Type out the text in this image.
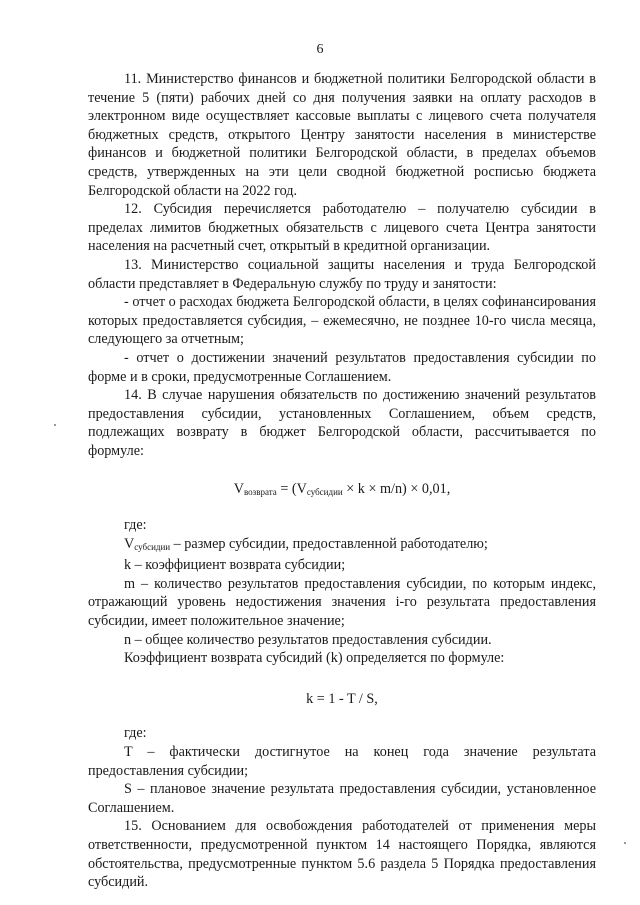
6

11. Министерство финансов и бюджетной политики Белгородской области в течение 5 (пяти) рабочих дней со дня получения заявки на оплату расходов в электронном виде осуществляет кассовые выплаты с лицевого счета получателя бюджетных средств, открытого Центру занятости населения в министерстве финансов и бюджетной политики Белгородской области, в пределах объемов средств, утвержденных на эти цели сводной бюджетной росписью бюджета Белгородской области на 2022 год.

12. Субсидия перечисляется работодателю – получателю субсидии в пределах лимитов бюджетных обязательств с лицевого счета Центра занятости населения на расчетный счет, открытый в кредитной организации.

13. Министерство социальной защиты населения и труда Белгородской области представляет в Федеральную службу по труду и занятости:

- отчет о расходах бюджета Белгородской области, в целях софинансирования которых предоставляется субсидия, – ежемесячно, не позднее 10-го числа месяца, следующего за отчетным;

- отчет о достижении значений результатов предоставления субсидии по форме и в сроки, предусмотренные Соглашением.

14. В случае нарушения обязательств по достижению значений результатов предоставления субсидии, установленных Соглашением, объем средств, подлежащих возврату в бюджет Белгородской области, рассчитывается по формуле:

$V_{возврата} = (V_{субсидии} \times k \times m/n) \times 0,01$,

где:

$V_{субсидии}$ – размер субсидии, предоставленной работодателю;

k – коэффициент возврата субсидии;

m – количество результатов предоставления субсидии, по которым индекс, отражающий уровень недостижения значения i-го результата предоставления субсидии, имеет положительное значение;

n – общее количество результатов предоставления субсидии.

Коэффициент возврата субсидий (k) определяется по формуле:

k = 1 - T / S,

где:

T – фактически достигнутое на конец года значение результата предоставления субсидии;

S – плановое значение результата предоставления субсидии, установленное Соглашением.

15. Основанием для освобождения работодателей от применения меры ответственности, предусмотренной пунктом 14 настоящего Порядка, являются обстоятельства, предусмотренные пунктом 5.6 раздела 5 Порядка предоставления субсидий.
